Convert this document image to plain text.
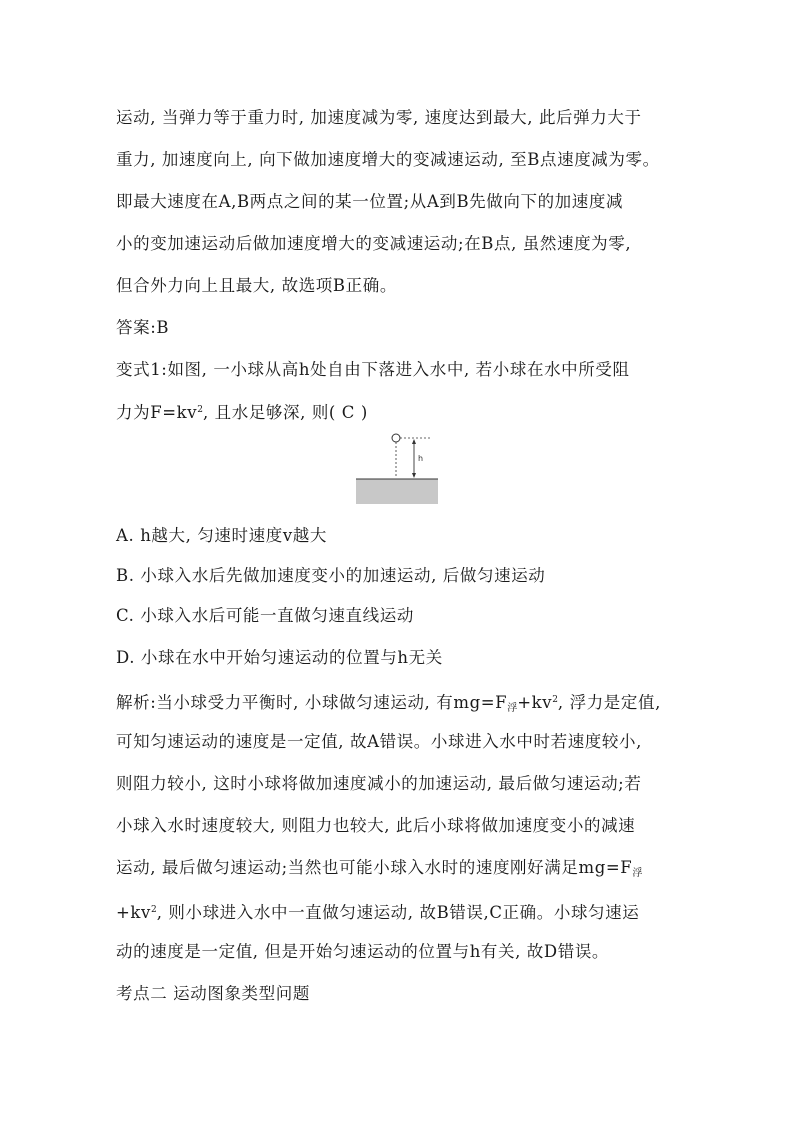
运动, 当弹力等于重力时, 加速度减为零, 速度达到最大, 此后弹力大于
重力, 加速度向上, 向下做加速度增大的变减速运动, 至B点速度减为零。
即最大速度在A,B两点之间的某一位置;从A到B先做向下的加速度减
小的变加速运动后做加速度增大的变减速运动;在B点, 虽然速度为零,
但合外力向上且最大, 故选项B正确。
答案:B
变式1:如图, 一小球从高h处自由下落进入水中, 若小球在水中所受阻
力为$F=kv^2$, 且水足够深, 则( C )
h
A. h越大, 匀速时速度v越大
B. 小球入水后先做加速度变小的加速运动, 后做匀速运动
C. 小球入水后可能一直做匀速直线运动
D. 小球在水中开始匀速运动的位置与h无关
解析:当小球受力平衡时, 小球做匀速运动, 有$mg=F_浮+kv^2$, 浮力是定值,
可知匀速运动的速度是一定值, 故A错误。小球进入水中时若速度较小,
则阻力较小, 这时小球将做加速度减小的加速运动, 最后做匀速运动;若
小球入水时速度较大, 则阻力也较大, 此后小球将做加速度变小的减速
运动, 最后做匀速运动;当然也可能小球入水时的速度刚好满足$mg=F_浮$
$+kv^2$, 则小球进入水中一直做匀速运动, 故B错误,C正确。小球匀速运
动的速度是一定值, 但是开始匀速运动的位置与h有关, 故D错误。
考点二 运动图象类型问题
